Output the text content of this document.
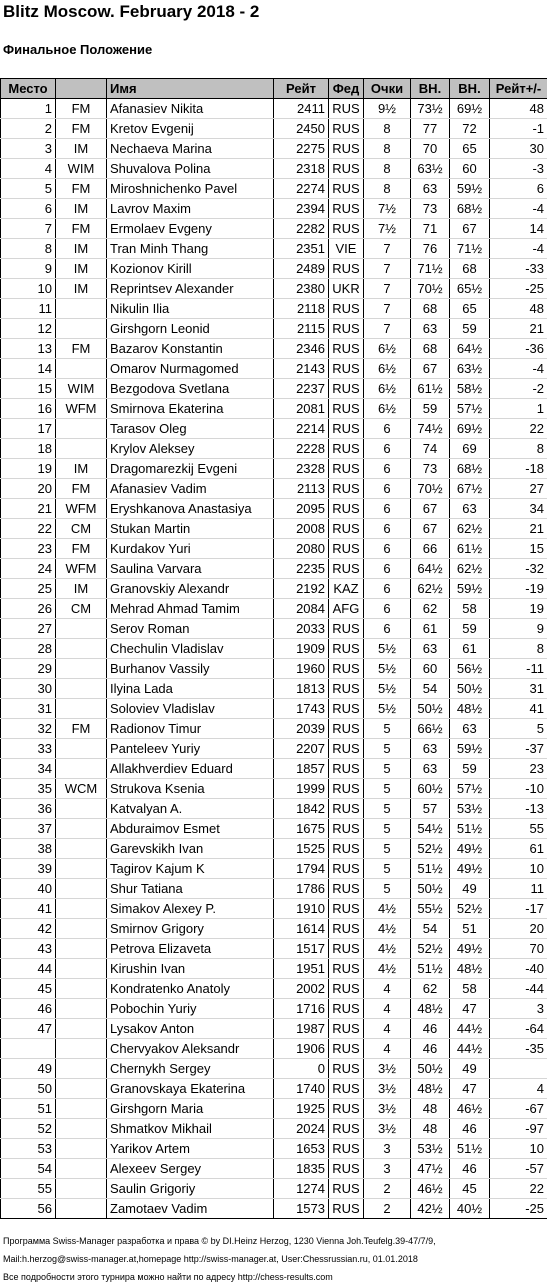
Blitz Moscow. February 2018 - 2
Финальное Положение
Место		Имя	Рейт	Фед	Очки	ВН.	ВН.	Рейт+/-
1	FM	Afanasiev Nikita	2411	RUS	9½	73½	69½	48
2	FM	Kretov Evgenij	2450	RUS	8	77	72	-1
3	IM	Nechaeva Marina	2275	RUS	8	70	65	30
4	WIM	Shuvalova Polina	2318	RUS	8	63½	60	-3
5	FM	Miroshnichenko Pavel	2274	RUS	8	63	59½	6
6	IM	Lavrov Maxim	2394	RUS	7½	73	68½	-4
7	FM	Ermolaev Evgeny	2282	RUS	7½	71	67	14
8	IM	Tran Minh Thang	2351	VIE	7	76	71½	-4
9	IM	Kozionov Kirill	2489	RUS	7	71½	68	-33
10	IM	Reprintsev Alexander	2380	UKR	7	70½	65½	-25
11		Nikulin Ilia	2118	RUS	7	68	65	48
12		Girshgorn Leonid	2115	RUS	7	63	59	21
13	FM	Bazarov Konstantin	2346	RUS	6½	68	64½	-36
14		Omarov Nurmagomed	2143	RUS	6½	67	63½	-4
15	WIM	Bezgodova Svetlana	2237	RUS	6½	61½	58½	-2
16	WFM	Smirnova Ekaterina	2081	RUS	6½	59	57½	1
17		Tarasov Oleg	2214	RUS	6	74½	69½	22
18		Krylov Aleksey	2228	RUS	6	74	69	8
19	IM	Dragomarezkij Evgeni	2328	RUS	6	73	68½	-18
20	FM	Afanasiev Vadim	2113	RUS	6	70½	67½	27
21	WFM	Eryshkanova Anastasiya	2095	RUS	6	67	63	34
22	CM	Stukan Martin	2008	RUS	6	67	62½	21
23	FM	Kurdakov Yuri	2080	RUS	6	66	61½	15
24	WFM	Saulina Varvara	2235	RUS	6	64½	62½	-32
25	IM	Granovskiy Alexandr	2192	KAZ	6	62½	59½	-19
26	CM	Mehrad Ahmad Tamim	2084	AFG	6	62	58	19
27		Serov Roman	2033	RUS	6	61	59	9
28		Chechulin Vladislav	1909	RUS	5½	63	61	8
29		Burhanov Vassily	1960	RUS	5½	60	56½	-11
30		Ilyina Lada	1813	RUS	5½	54	50½	31
31		Soloviev Vladislav	1743	RUS	5½	50½	48½	41
32	FM	Radionov Timur	2039	RUS	5	66½	63	5
33		Panteleev Yuriy	2207	RUS	5	63	59½	-37
34		Allakhverdiev Eduard	1857	RUS	5	63	59	23
35	WCM	Strukova Ksenia	1999	RUS	5	60½	57½	-10
36		Katvalyan A.	1842	RUS	5	57	53½	-13
37		Abduraimov Esmet	1675	RUS	5	54½	51½	55
38		Garevskikh Ivan	1525	RUS	5	52½	49½	61
39		Tagirov Kajum K	1794	RUS	5	51½	49½	10
40		Shur Tatiana	1786	RUS	5	50½	49	11
41		Simakov Alexey P.	1910	RUS	4½	55½	52½	-17
42		Smirnov Grigory	1614	RUS	4½	54	51	20
43		Petrova Elizaveta	1517	RUS	4½	52½	49½	70
44		Kirushin Ivan	1951	RUS	4½	51½	48½	-40
45		Kondratenko Anatoly	2002	RUS	4	62	58	-44
46		Pobochin Yuriy	1716	RUS	4	48½	47	3
47		Lysakov Anton	1987	RUS	4	46	44½	-64
		Chervyakov Aleksandr	1906	RUS	4	46	44½	-35
49		Chernykh Sergey	0	RUS	3½	50½	49	
50		Granovskaya Ekaterina	1740	RUS	3½	48½	47	4
51		Girshgorn Maria	1925	RUS	3½	48	46½	-67
52		Shmatkov Mikhail	2024	RUS	3½	48	46	-97
53		Yarikov Artem	1653	RUS	3	53½	51½	10
54		Alexeev Sergey	1835	RUS	3	47½	46	-57
55		Saulin Grigoriy	1274	RUS	2	46½	45	22
56		Zamotaev Vadim	1573	RUS	2	42½	40½	-25
Программа Swiss-Manager разработка и права © by DI.Heinz Herzog, 1230 Vienna Joh.Teufelg.39-47/7/9,
Mail:h.herzog@swiss-manager.at,homepage http://swiss-manager.at, User:Chessrussian.ru, 01.01.2018
Все подробности этого турнира можно найти по адресу http://chess-results.com
